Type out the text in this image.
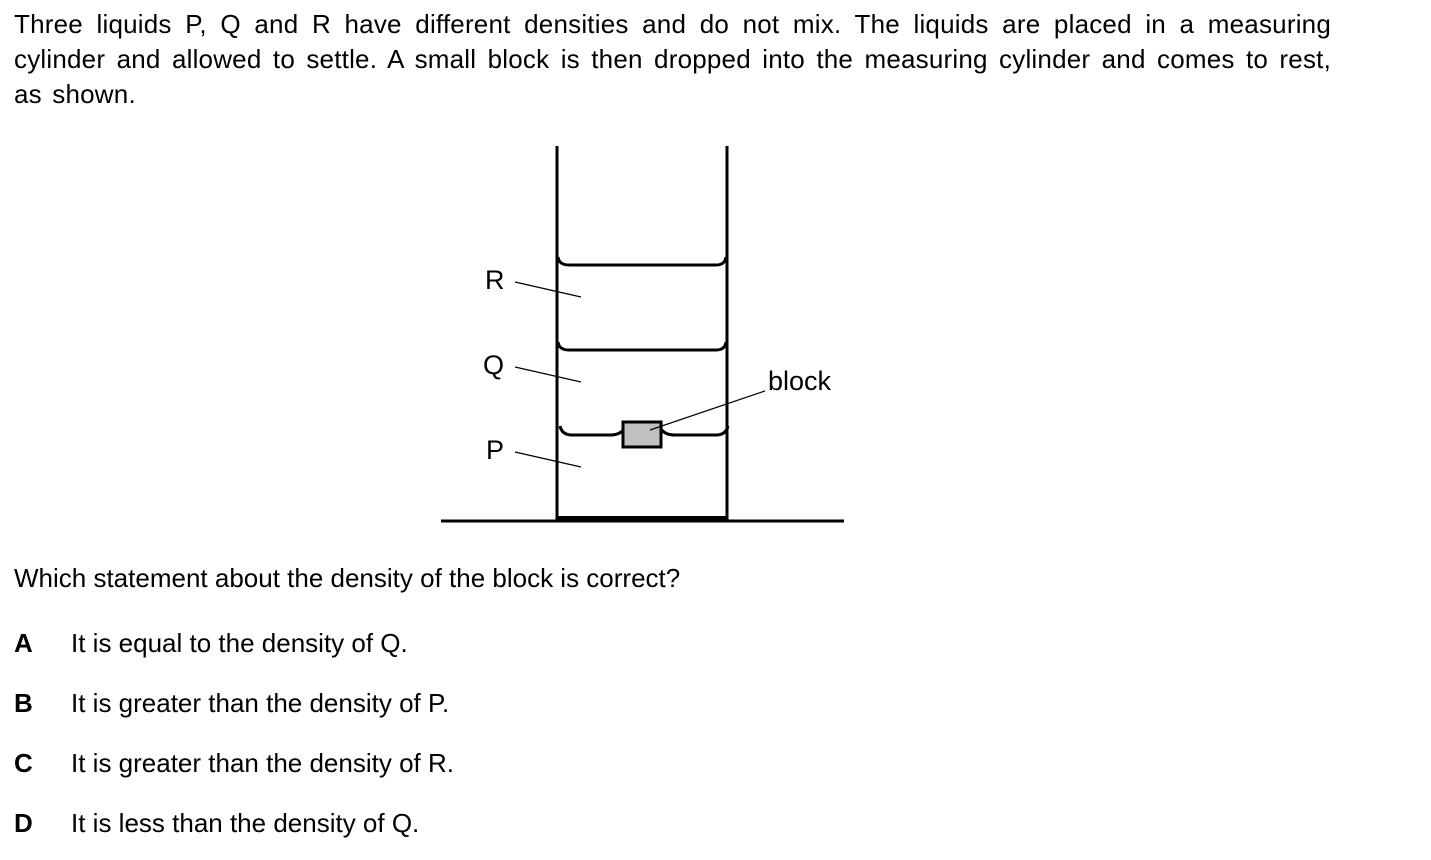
Three liquids P, Q and R have different densities and do not mix. The liquids are placed in a measuring cylinder and allowed to settle. A small block is then dropped into the measuring cylinder and comes to rest, as shown.
R
Q
P
block
Which statement about the density of the block is correct?
A It is equal to the density of Q.
B It is greater than the density of P.
C It is greater than the density of R.
D It is less than the density of Q.
